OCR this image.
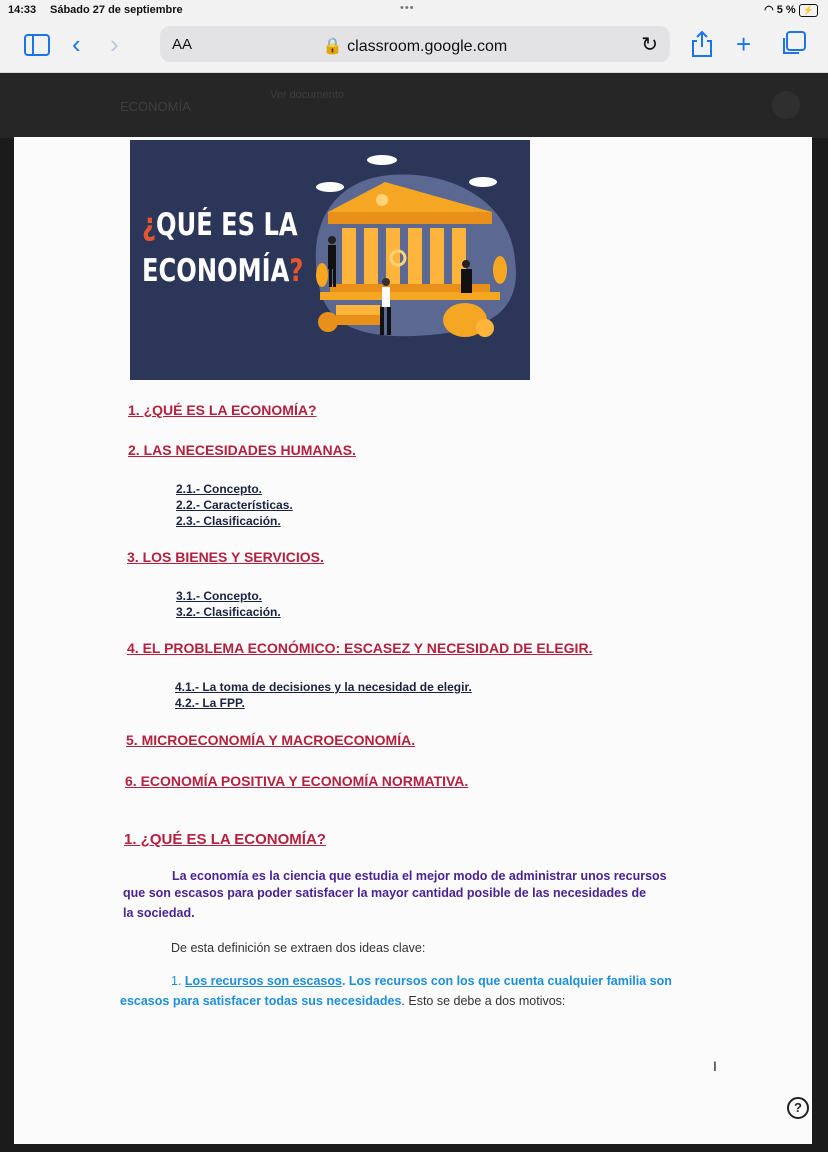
14:33 Sábado 27 de septiembre	•••	◠ 5 % ⚡
‹ ›	AA	🔒 classroom.google.com	↻	+
ECONOMÍA
Ver documento
¿QUÉ ES LA
ECONOMÍA?
1. ¿QUÉ ES LA ECONOMÍA?
2. LAS NECESIDADES HUMANAS.
2.1.- Concepto.
2.2.- Características.
2.3.- Clasificación.
3. LOS BIENES Y SERVICIOS.
3.1.- Concepto.
3.2.- Clasificación.
4. EL PROBLEMA ECONÓMICO: ESCASEZ Y NECESIDAD DE ELEGIR.
4.1.- La toma de decisiones y la necesidad de elegir.
4.2.- La FPP.
5. MICROECONOMÍA Y MACROECONOMÍA.
6. ECONOMÍA POSITIVA Y ECONOMÍA NORMATIVA.
1. ¿QUÉ ES LA ECONOMÍA?
La economía es la ciencia que estudia el mejor modo de administrar unos recursos
que son escasos para poder satisfacer la mayor cantidad posible de las necesidades de
la sociedad.
De esta definición se extraen dos ideas clave:
1. Los recursos son escasos. Los recursos con los que cuenta cualquier familia son
escasos para satisfacer todas sus necesidades. Esto se debe a dos motivos:
I
?
